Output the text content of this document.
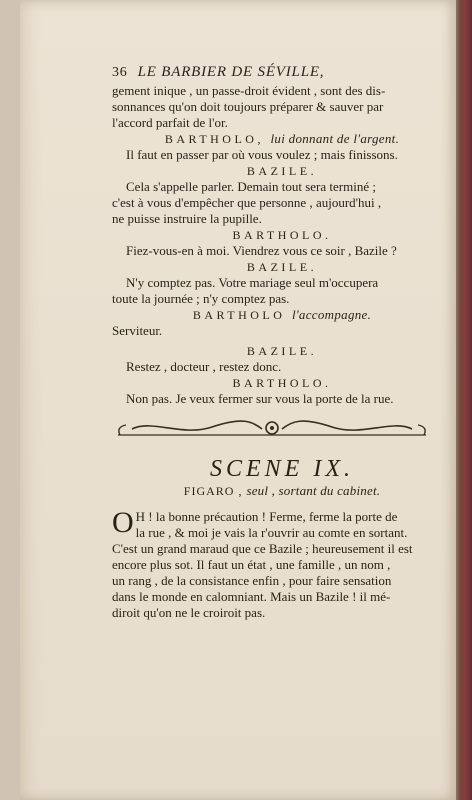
36 LE BARBIER DE SÉVILLE,

gement inique , un passe-droit évident , sont des dis-

sonnances qu'on doit toujours préparer & sauver par

l'accord parfait de l'or.

BARTHOLO, lui donnant de l'argent.

Il faut en passer par où vous voulez ; mais finissons.

BAZILE.

Cela s'appelle parler. Demain tout sera terminé ;

c'est à vous d'empêcher que personne , aujourd'hui ,

ne puisse instruire la pupille.

BARTHOLO.

Fiez-vous-en à moi. Viendrez vous ce soir , Bazile ?

BAZILE.

N'y comptez pas. Votre mariage seul m'occupera

toute la journée ; n'y comptez pas.

BARTHOLO l'accompagne.

Serviteur.

BAZILE.

Restez , docteur , restez donc.

BARTHOLO.

Non pas. Je veux fermer sur vous la porte de la rue.

SCENE IX.
FIGARO , seul , sortant du cabinet.
O H ! la bonne précaution ! Ferme, ferme la porte de

la rue , & moi je vais la r'ouvrir au comte en sortant.

C'est un grand maraud que ce Bazile ; heureusement il est

encore plus sot. Il faut un état , une famille , un nom ,

un rang , de la consistance enfin , pour faire sensation

dans le monde en calomniant. Mais un Bazile ! il mé-

diroit qu'on ne le croiroit pas.
